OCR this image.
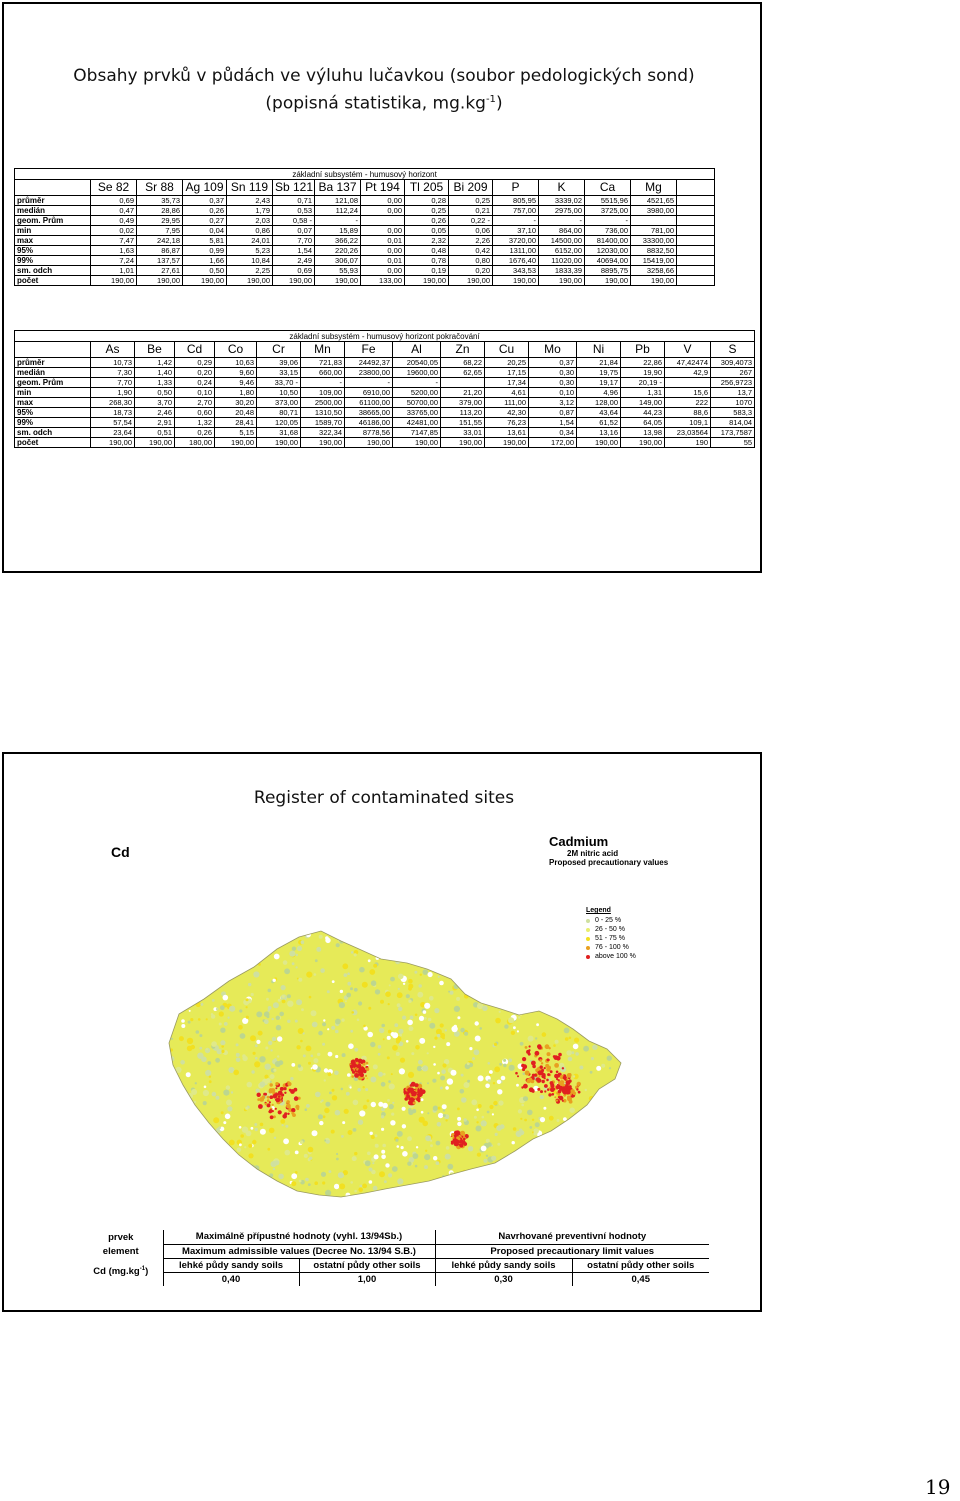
Obsahy prvků v půdách ve výluhu lučavkou (soubor pedologických sond)
(popisná statistika, $mg.kg^{-1}$)
základní subsystém - humusový horizont														
	Se 82	Sr 88	Ag 109	Sn 119	Sb 121	Ba 137	Pt 194	Tl 205	Bi 209	P	K	Ca	Mg	
průměr	0,69	35,73	0,37	2,43	0,71	121,08	0,00	0,28	0,25	805,95	3339,02	5515,96	4521,65	
medián	0,47	28,86	0,26	1,79	0,53	112,24	0,00	0,25	0,21	757,00	2975,00	3725,00	3980,00	
geom. Prům	0,49	29,95	0,27	2,03	0,58 -	-		0,26	0,22 -	-	-	-		
min	0,02	7,95	0,04	0,86	0,07	15,89	0,00	0,05	0,06	37,10	864,00	736,00	781,00	
max	7,47	242,18	5,81	24,01	7,70	366,22	0,01	2,32	2,26	3720,00	14500,00	81400,00	33300,00	
95%	1,63	86,87	0,99	5,23	1,54	220,26	0,00	0,48	0,42	1311,00	6152,00	12030,00	8832,50	
99%	7,24	137,57	1,66	10,84	2,49	306,07	0,01	0,78	0,80	1676,40	11020,00	40694,00	15419,00	
sm. odch	1,01	27,61	0,50	2,25	0,69	55,93	0,00	0,19	0,20	343,53	1833,39	8895,75	3258,66	
počet	190,00	190,00	190,00	190,00	190,00	190,00	133,00	190,00	190,00	190,00	190,00	190,00	190,00	
základní subsystém - humusový horizont pokračování															
	As	Be	Cd	Co	Cr	Mn	Fe	Al	Zn	Cu	Mo	Ni	Pb	V	S
průměr	10,73	1,42	0,29	10,63	39,06	721,83	24492,37	20540,05	68,22	20,25	0,37	21,84	22,86	47,42474	309,4073
medián	7,30	1,40	0,20	9,60	33,15	660,00	23800,00	19600,00	62,65	17,15	0,30	19,75	19,90	42,9	267
geom. Prům	7,70	1,33	0,24	9,46	33,70 -	-	-	-		17,34	0,30	19,17	20,19 -		256,9723
min	1,90	0,50	0,10	1,80	10,50	109,00	6910,00	5200,00	21,20	4,61	0,10	4,96	1,31	15,6	13,7
max	268,30	3,70	2,70	30,20	373,00	2500,00	61100,00	50700,00	379,00	111,00	3,12	128,00	149,00	222	1070
95%	18,73	2,46	0,60	20,48	80,71	1310,50	38665,00	33765,00	113,20	42,30	0,87	43,64	44,23	88,6	583,3
99%	57,54	2,91	1,32	28,41	120,05	1589,70	46186,00	42481,00	151,55	76,23	1,54	61,52	64,05	109,1	814,04
sm. odch	23,64	0,51	0,26	5,15	31,68	322,34	8778,56	7147,85	33,01	13,61	0,34	13,16	13,98	23,03564	173,7587
počet	190,00	190,00	180,00	190,00	190,00	190,00	190,00	190,00	190,00	190,00	172,00	190,00	190,00	190	55
Register of contaminated sites
Cd
Cadmium
2M nitric acid
Proposed precautionary values
Legend
0 - 25 %
26 - 50 %
51 - 75 %
76 - 100 %
above 100 %
prvek	Maximálně přípustné hodnoty (vyhl. 13/94Sb.)		Navrhované preventivní hodnoty	
element	Maximum admissible values (Decree No. 13/94 S.B.)		Proposed precautionary limit values	
Cd $(mg.kg^{-1})$	lehké půdy sandy soils	ostatní půdy other soils	lehké půdy sandy soils	ostatní půdy other soils
	0,40	1,00	0,30	0,45
19
